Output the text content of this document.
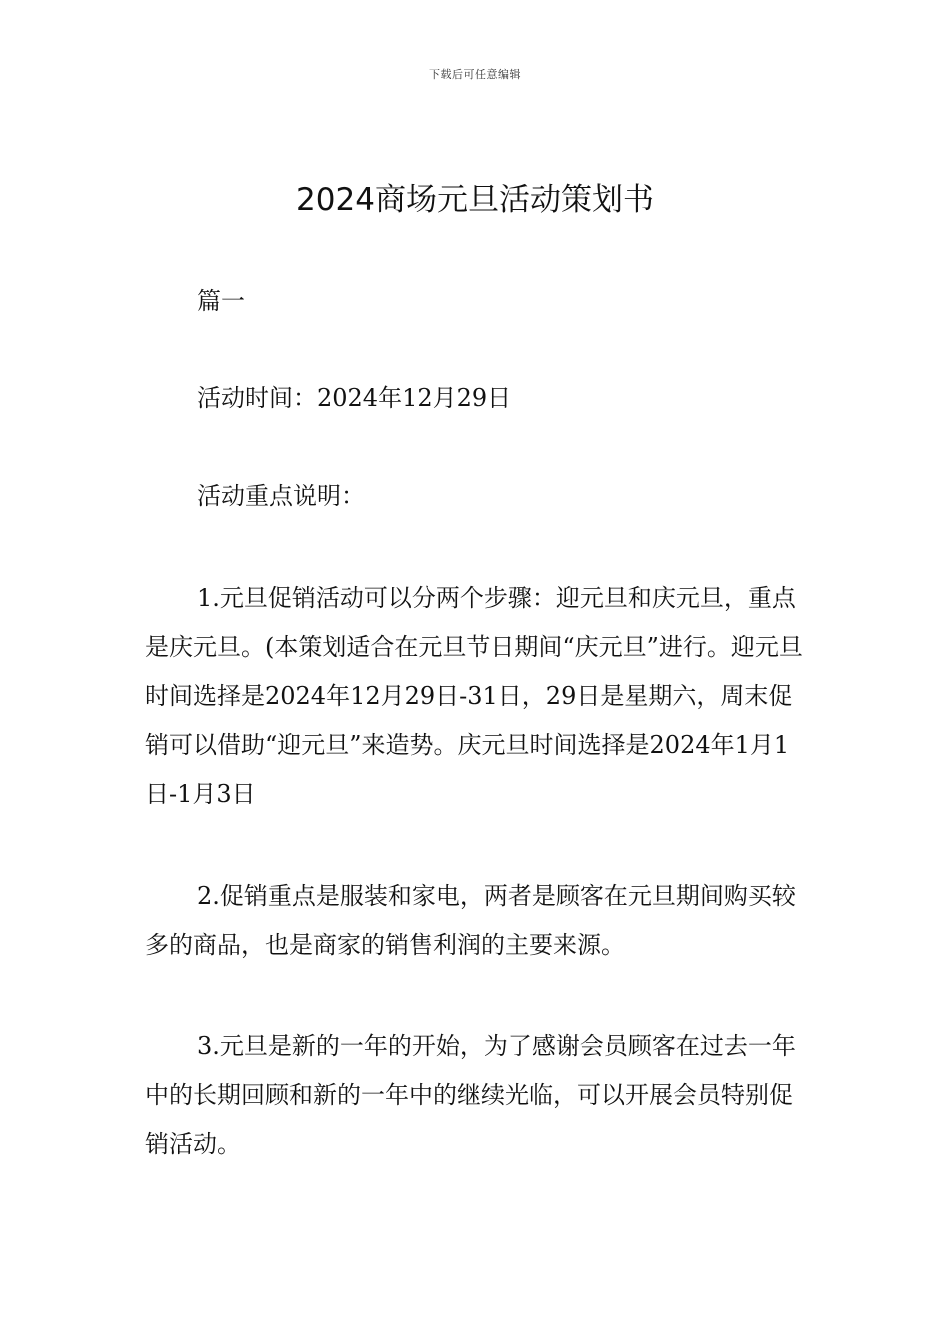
下载后可任意编辑
2024商场元旦活动策划书

篇一

活动时间：2024年12月29日

活动重点说明：

1.元旦促销活动可以分两个步骤：迎元旦和庆元旦，重点是庆元旦。(本策划适合在元旦节日期间“庆元旦”进行。迎元旦时间选择是2024年12月29日-31日，29日是星期六，周末促销可以借助“迎元旦”来造势。庆元旦时间选择是2024年1月1日-1月3日

2.促销重点是服装和家电，两者是顾客在元旦期间购买较多的商品，也是商家的销售利润的主要来源。

3.元旦是新的一年的开始，为了感谢会员顾客在过去一年中的长期回顾和新的一年中的继续光临，可以开展会员特别促销活动。
